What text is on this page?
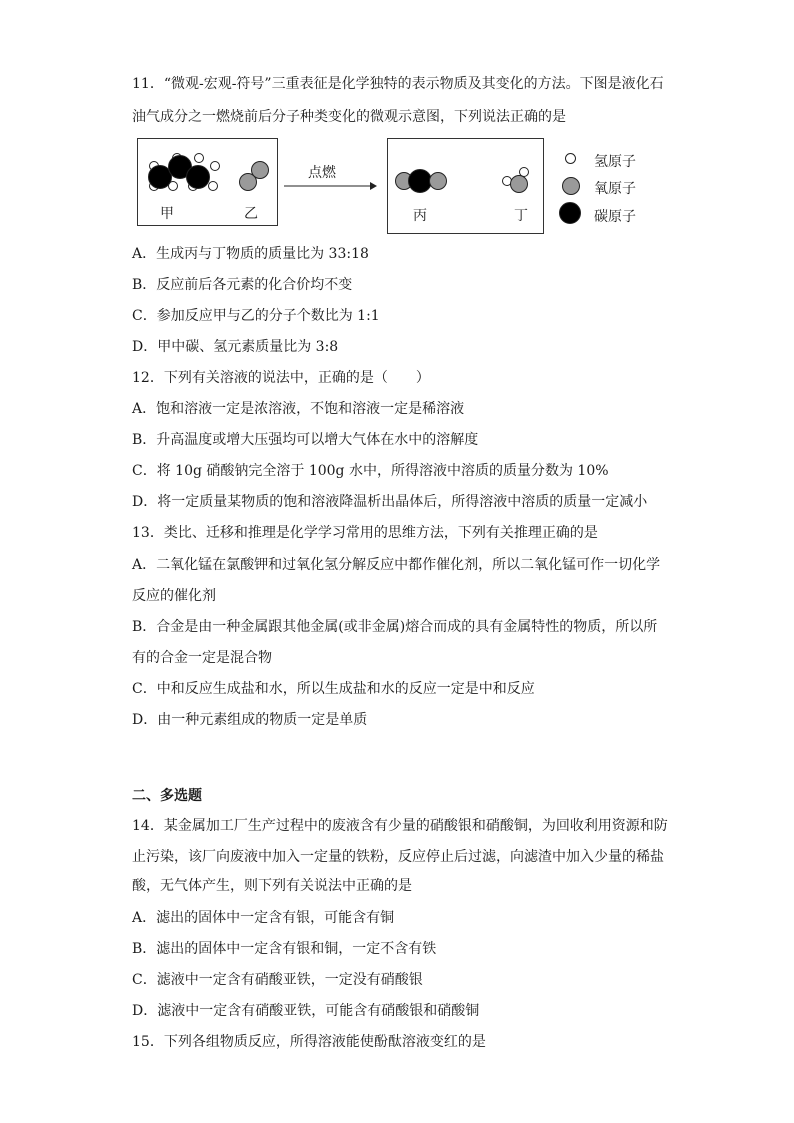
11．“微观-宏观-符号”三重表征是化学独特的表示物质及其变化的方法。下图是液化石
油气成分之一燃烧前后分子种类变化的微观示意图，下列说法正确的是
甲	乙
点燃
丙	丁
氢原子
氧原子
碳原子
A．生成丙与丁物质的质量比为 33:18
B．反应前后各元素的化合价均不变
C．参加反应甲与乙的分子个数比为 1:1
D．甲中碳、氢元素质量比为 3:8
12．下列有关溶液的说法中，正确的是（　　）
A．饱和溶液一定是浓溶液，不饱和溶液一定是稀溶液
B．升高温度或增大压强均可以增大气体在水中的溶解度
C．将 10g 硝酸钠完全溶于 100g 水中，所得溶液中溶质的质量分数为 10%
D．将一定质量某物质的饱和溶液降温析出晶体后，所得溶液中溶质的质量一定减小
13．类比、迁移和推理是化学学习常用的思维方法，下列有关推理正确的是
A．二氧化锰在氯酸钾和过氧化氢分解反应中都作催化剂，所以二氧化锰可作一切化学
反应的催化剂
B．合金是由一种金属跟其他金属(或非金属)熔合而成的具有金属特性的物质，所以所
有的合金一定是混合物
C．中和反应生成盐和水，所以生成盐和水的反应一定是中和反应
D．由一种元素组成的物质一定是单质
二、多选题
14．某金属加工厂生产过程中的废液含有少量的硝酸银和硝酸铜，为回收利用资源和防
止污染，该厂向废液中加入一定量的铁粉，反应停止后过滤，向滤渣中加入少量的稀盐
酸，无气体产生，则下列有关说法中正确的是
A．滤出的固体中一定含有银，可能含有铜
B．滤出的固体中一定含有银和铜，一定不含有铁
C．滤液中一定含有硝酸亚铁，一定没有硝酸银
D．滤液中一定含有硝酸亚铁，可能含有硝酸银和硝酸铜
15．下列各组物质反应，所得溶液能使酚酞溶液变红的是
